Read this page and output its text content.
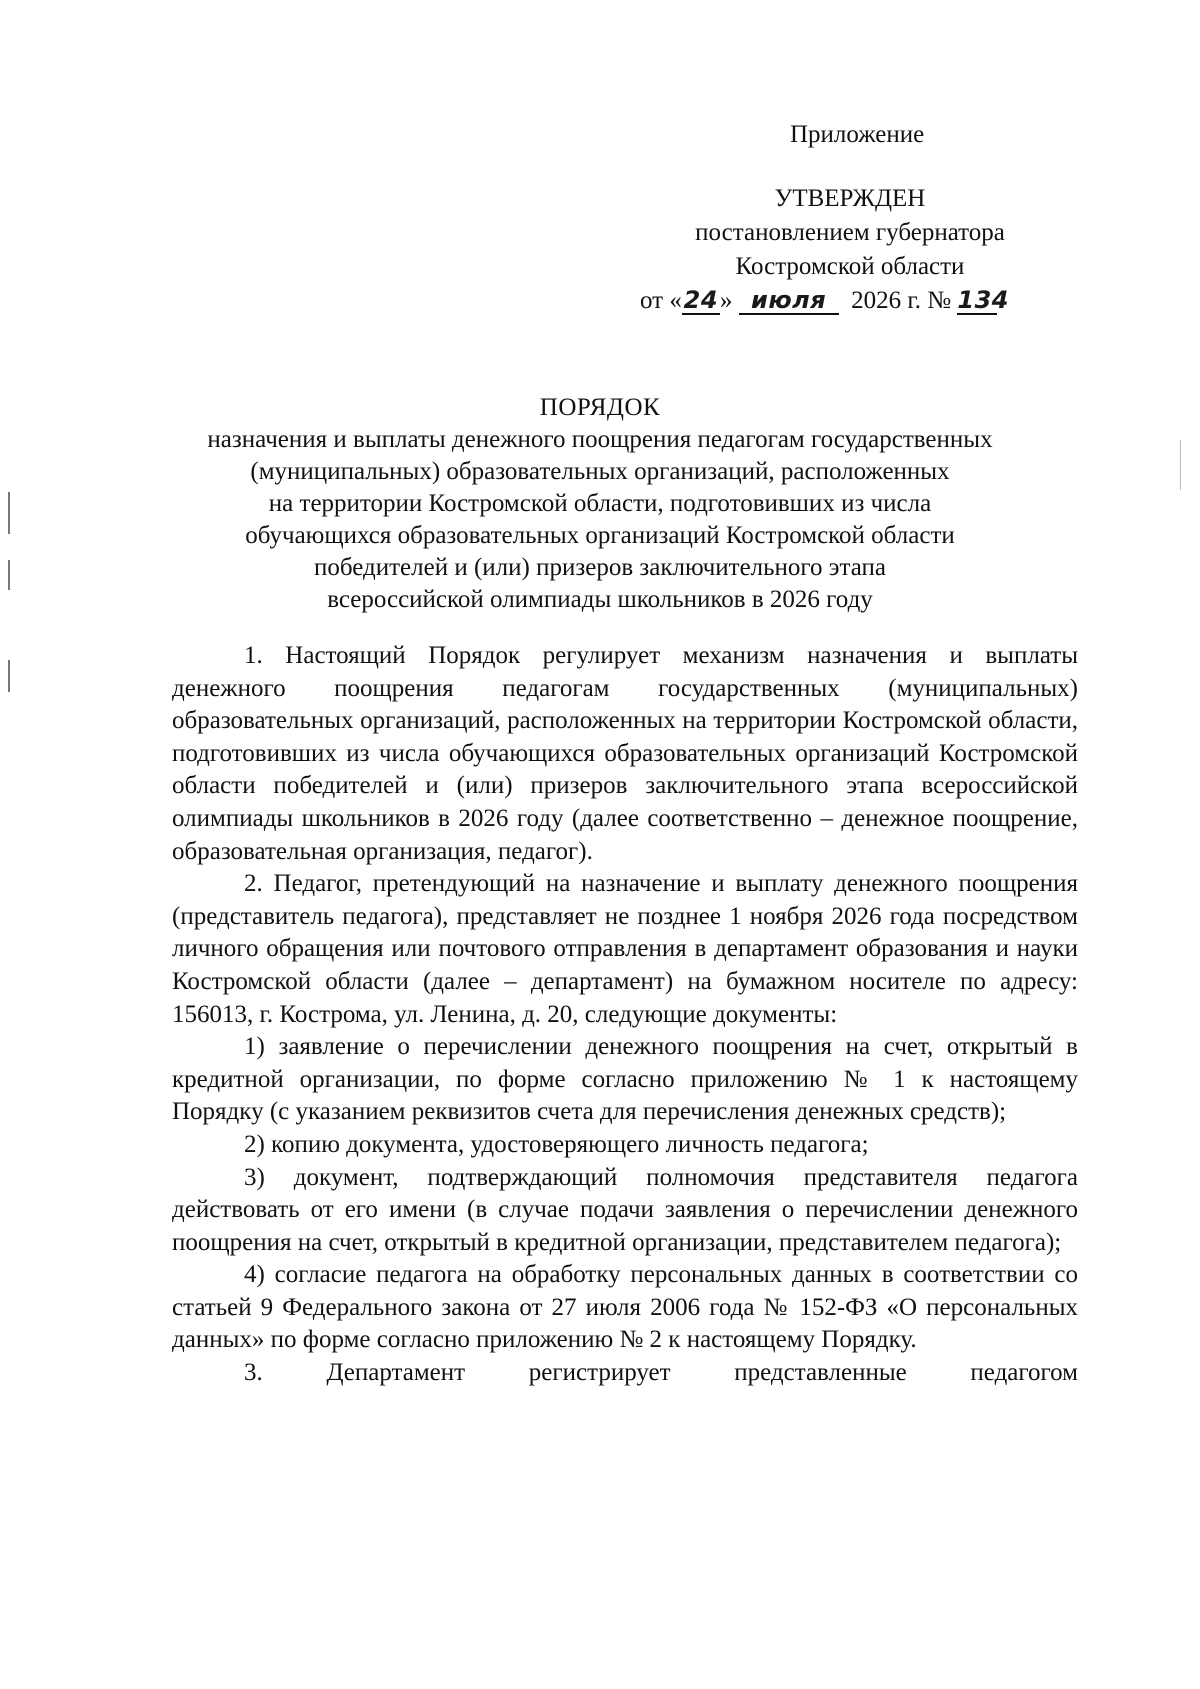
Приложение
УТВЕРЖДЕН
постановлением губернатора
Костромской области
от «24» июля 2026 г. № 134
ПОРЯДОК
назначения и выплаты денежного поощрения педагогам государственных
(муниципальных) образовательных организаций, расположенных
на территории Костромской области, подготовивших из числа
обучающихся образовательных организаций Костромской области
победителей и (или) призеров заключительного этапа
всероссийской олимпиады школьников в 2026 году

1. Настоящий Порядок регулирует механизм назначения и выплаты денежного поощрения педагогам государственных (муниципальных) образовательных организаций, расположенных на территории Костромской области, подготовивших из числа обучающихся образовательных организаций Костромской области победителей и (или) призеров заключительного этапа всероссийской олимпиады школьников в 2026 году (далее соответственно – денежное поощрение, образовательная организация, педагог).

2. Педагог, претендующий на назначение и выплату денежного поощрения (представитель педагога), представляет не позднее 1 ноября 2026 года посредством личного обращения или почтового отправления в департамент образования и науки Костромской области (далее – департамент) на бумажном носителе по адресу: 156013, г. Кострома, ул. Ленина, д. 20, следующие документы:

1) заявление о перечислении денежного поощрения на счет, открытый в кредитной организации, по форме согласно приложению № 1 к настоящему Порядку (с указанием реквизитов счета для перечисления денежных средств);

2) копию документа, удостоверяющего личность педагога;

3) документ, подтверждающий полномочия представителя педагога действовать от его имени (в случае подачи заявления о перечислении денежного поощрения на счет, открытый в кредитной организации, представителем педагога);

4) согласие педагога на обработку персональных данных в соответствии со статьей 9 Федерального закона от 27 июля 2006 года № 152-ФЗ «О персональных данных» по форме согласно приложению № 2 к настоящему Порядку.

3. Департамент регистрирует представленные педагогом
